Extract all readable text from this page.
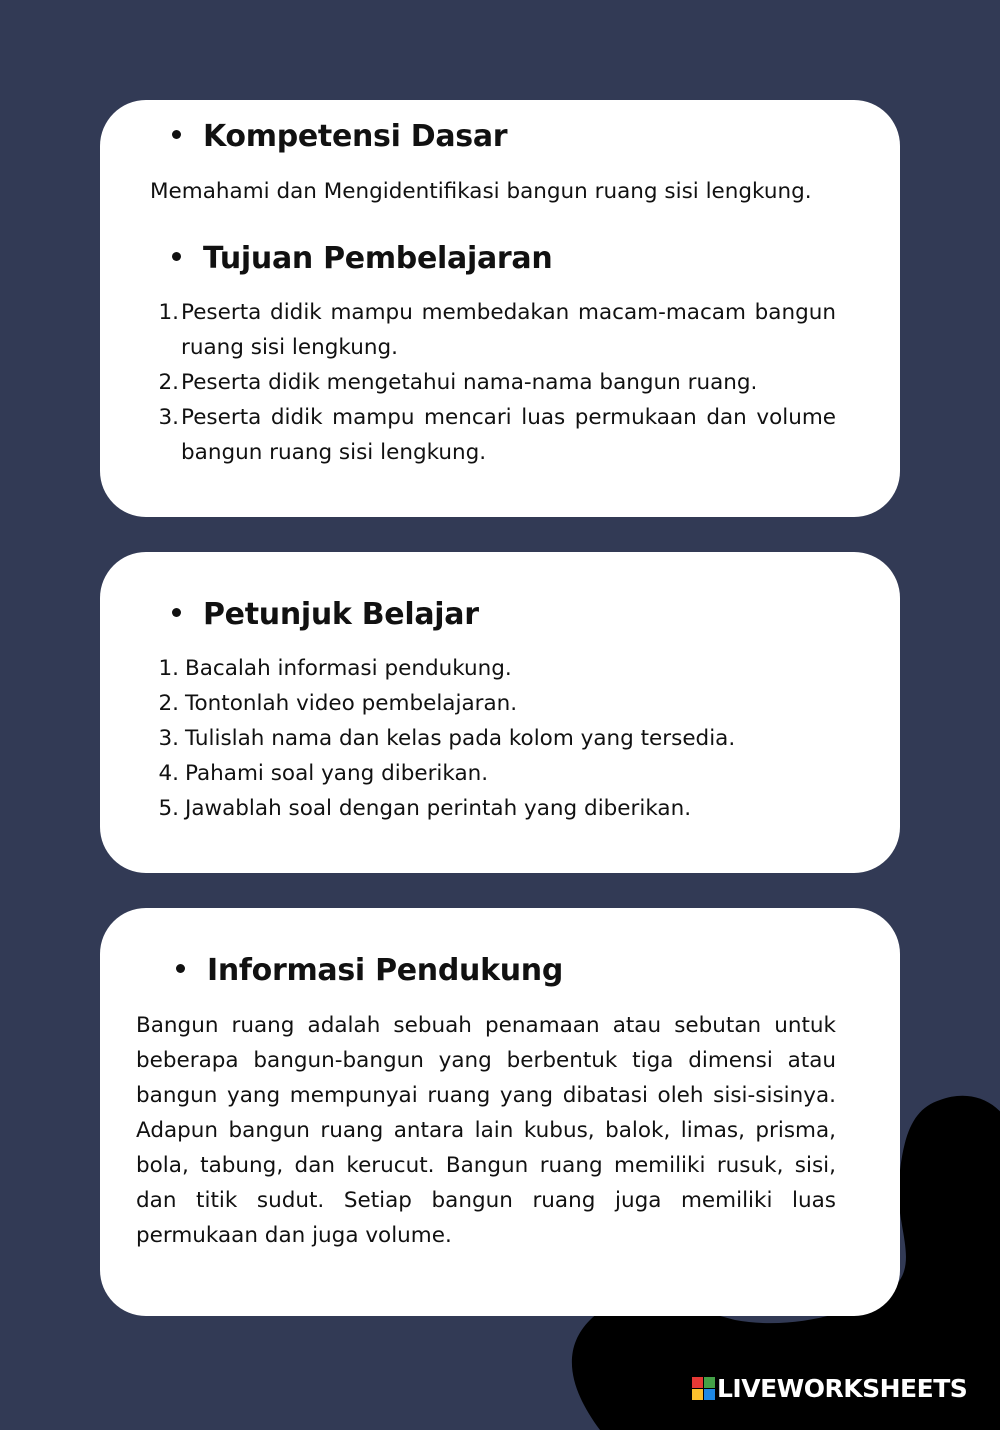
Kompetensi Dasar

Memahami dan Mengidentifikasi bangun ruang sisi lengkung.

Tujuan Pembelajaran
1. Peserta didik mampu membedakan macam-macam bangun ruang sisi lengkung.
2. Peserta didik mengetahui nama-nama bangun ruang.
3. Peserta didik mampu mencari luas permukaan dan volume bangun ruang sisi lengkung.
Petunjuk Belajar
1. Bacalah informasi pendukung.
2. Tontonlah video pembelajaran.
3. Tulislah nama dan kelas pada kolom yang tersedia.
4. Pahami soal yang diberikan.
5. Jawablah soal dengan perintah yang diberikan.
Informasi Pendukung

Bangun ruang adalah sebuah penamaan atau sebutan untuk beberapa bangun-bangun yang berbentuk tiga dimensi atau bangun yang mempunyai ruang yang dibatasi oleh sisi-sisinya. Adapun bangun ruang antara lain kubus, balok, limas, prisma, bola, tabung, dan kerucut. Bangun ruang memiliki rusuk, sisi, dan titik sudut. Setiap bangun ruang juga memiliki luas permukaan dan juga volume.

LIVEWORKSHEETS
